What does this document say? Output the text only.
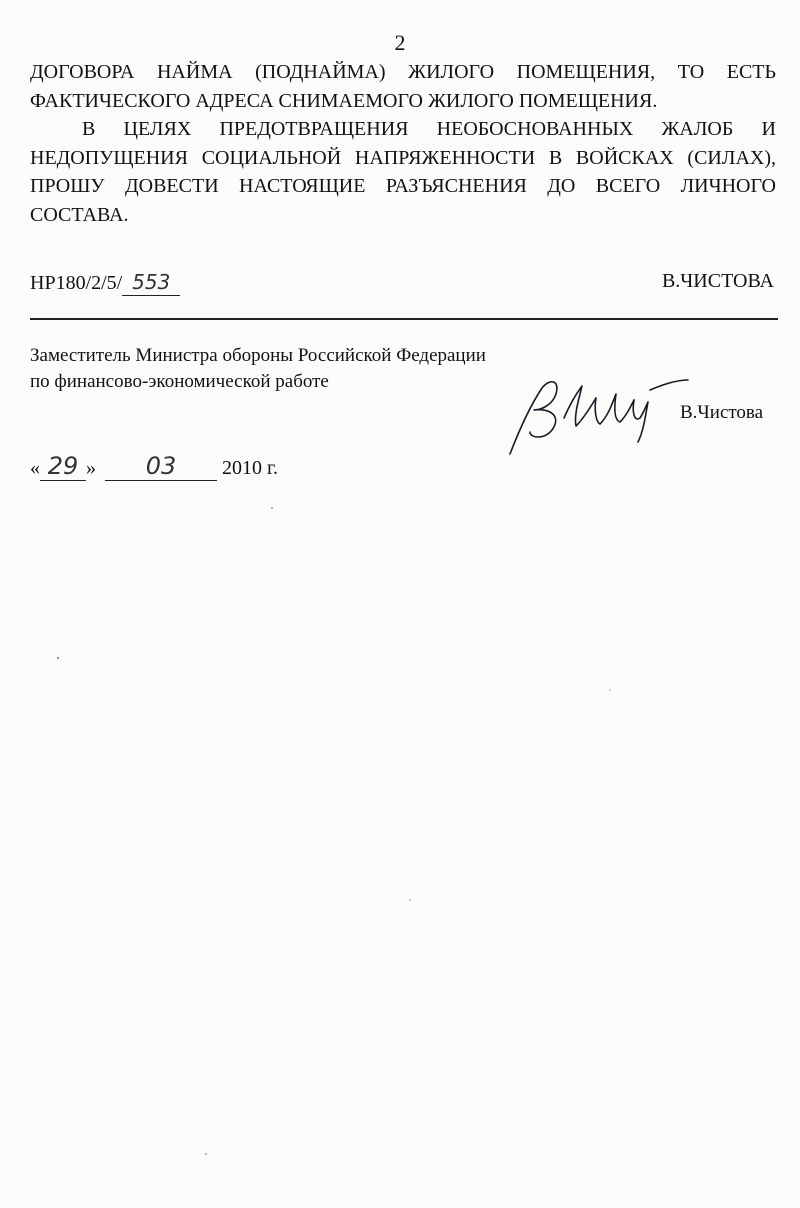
2

ДОГОВОРА НАЙМА (ПОДНАЙМА) ЖИЛОГО ПОМЕЩЕНИЯ, ТО ЕСТЬ

ФАКТИЧЕСКОГО АДРЕСА СНИМАЕМОГО ЖИЛОГО ПОМЕЩЕНИЯ.

В ЦЕЛЯХ ПРЕДОТВРАЩЕНИЯ НЕОБОСНОВАННЫХ ЖАЛОБ И НЕДОПУЩЕНИЯ СОЦИАЛЬНОЙ НАПРЯЖЕННОСТИ В ВОЙСКАХ (СИЛАХ), ПРОШУ ДОВЕСТИ НАСТОЯЩИЕ РАЗЪЯСНЕНИЯ ДО ВСЕГО ЛИЧНОГО СОСТАВА.

НР180/2/5/ 553	В.ЧИСТОВА
Заместитель Министра обороны Российской Федерации
по финансово-экономической работе
В.Чистова
« 29 » 03 2010 г.
